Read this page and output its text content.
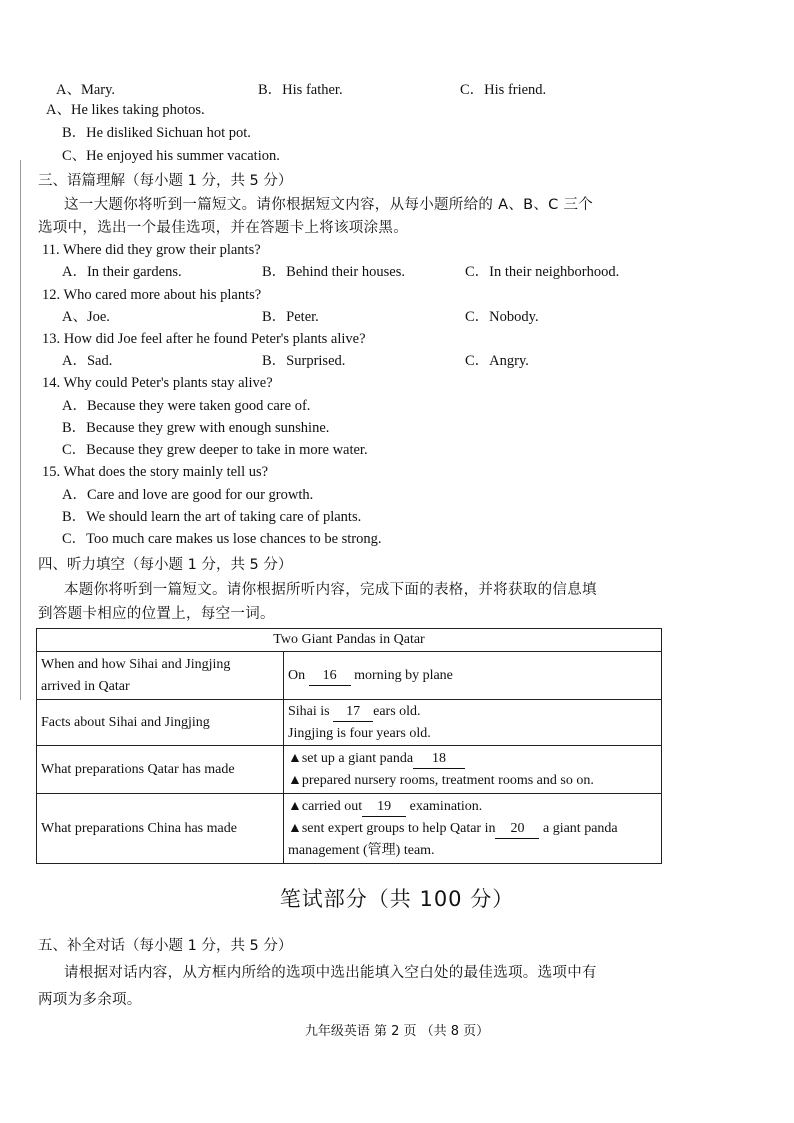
A、Mary.	B．His father.	C．His friend.
A、He likes taking photos.
B．He disliked Sichuan hot pot.
C、He enjoyed his summer vacation.
三、语篇理解（每小题 1 分，共 5 分）
这一大题你将听到一篇短文。请你根据短文内容，从每小题所给的 A、B、C 三个
选项中，选出一个最佳选项，并在答题卡上将该项涂黑。
11. Where did they grow their plants?
A．In their gardens.	B．Behind their houses.	C．In their neighborhood.
12. Who cared more about his plants?
A、Joe.	B．Peter.	C．Nobody.
13. How did Joe feel after he found Peter's plants alive?
A．Sad.	B．Surprised.	C．Angry.
14. Why could Peter's plants stay alive?
A．Because they were taken good care of.
B．Because they grew with enough sunshine.
C．Because they grew deeper to take in more water.
15. What does the story mainly tell us?
A．Care and love are good for our growth.
B．We should learn the art of taking care of plants.
C．Too much care makes us lose chances to be strong.
四、听力填空（每小题 1 分，共 5 分）
本题你将听到一篇短文。请你根据所听内容，完成下面的表格，并将获取的信息填
到答题卡相应的位置上，每空一词。
Two Giant Pandas in Qatar	

When and how Sihai and Jingjing
arrived in Qatar	On 16 morning by plane
Facts about Sihai and Jingjing	Sihai is 17 ears old.
Jingjing is four years old.

What preparations Qatar has made	▲set up a giant panda 18
▲prepared nursery rooms, treatment rooms and so on.

What preparations China has made	▲carried out 19 examination.
▲sent expert groups to help Qatar in 20 a giant panda
management (管理) team.
笔试部分（共 100 分）
五、补全对话（每小题 1 分，共 5 分）
请根据对话内容，从方框内所给的选项中选出能填入空白处的最佳选项。选项中有
两项为多余项。
九年级英语 第 2 页 （共 8 页）
